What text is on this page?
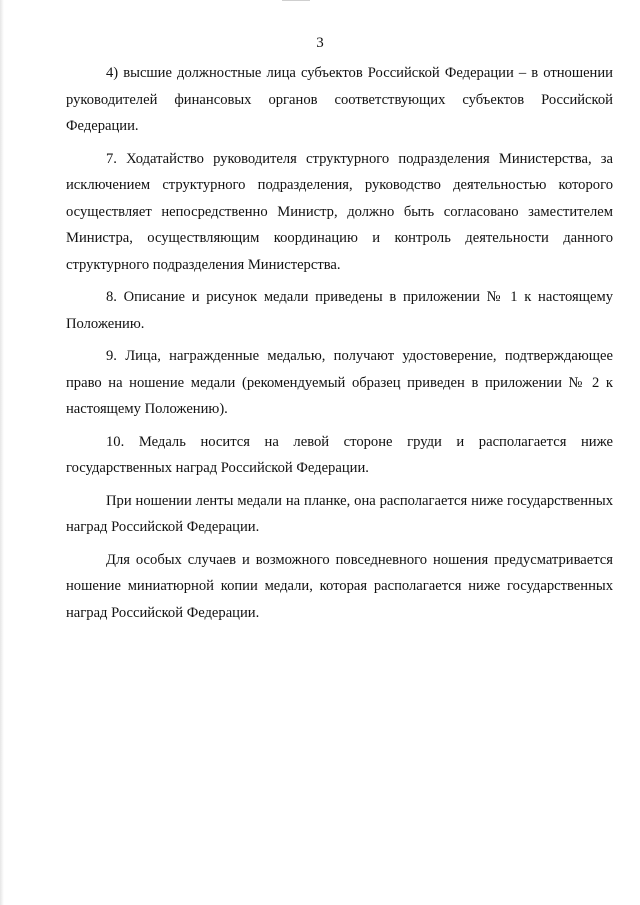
3

4) высшие должностные лица субъектов Российской Федерации – в отношении руководителей финансовых органов соответствующих субъектов Российской Федерации.

7. Ходатайство руководителя структурного подразделения Министерства, за исключением структурного подразделения, руководство деятельностью которого осуществляет непосредственно Министр, должно быть согласовано заместителем Министра, осуществляющим координацию и контроль деятельности данного структурного подразделения Министерства.

8. Описание и рисунок медали приведены в приложении № 1 к настоящему Положению.

9. Лица, награжденные медалью, получают удостоверение, подтверждающее право на ношение медали (рекомендуемый образец приведен в приложении № 2 к настоящему Положению).

10. Медаль носится на левой стороне груди и располагается ниже государственных наград Российской Федерации.

При ношении ленты медали на планке, она располагается ниже государственных наград Российской Федерации.

Для особых случаев и возможного повседневного ношения предусматривается ношение миниатюрной копии медали, которая располагается ниже государственных наград Российской Федерации.
